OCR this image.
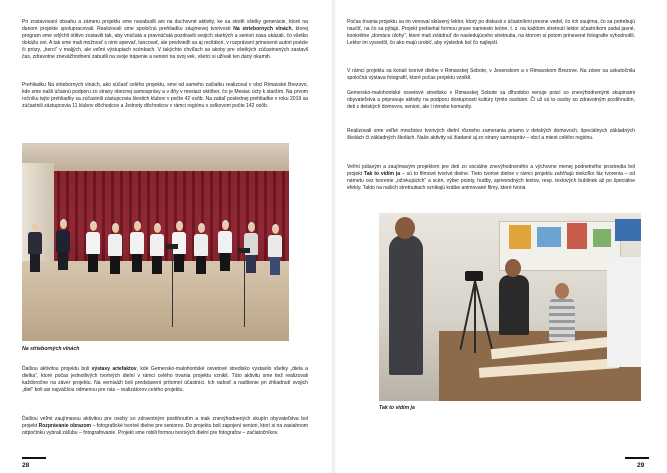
Pri zostavovaní obsahu a zámeru projektu sme nezabudli ani na duchovné aktivity, ke sa stretli všetky generácie, ktoré na danom projekte spolupracovali. Realizovali sme spoločnú prehliadku záujmovej tvorivosti Na striebornych vlnách, ktorej program sme vdýchli otitivo zostavili tak, aby vnúčatá a pravnúčatá pozdravili svojich starkých a seniori zasa ukázali, čo všetko dokážu oni. A tak sme mali možnosť s nimi spievať, tancovať, ale predviedli sa aj recitátori, v rozprávaní prinesené autori poézie či prózy, „herci“ v maljých, ale veľmi výstupiach scénkach. V takýchto chvíľach sa akoby pre všetkých zúčastnených zastavil čas, zdravotne zneväčhodnení zabudli na svoje trápenie a seniori na svoj vek, všetci si užívali ten daný okamih.

Prehliadku Na striebornych vlnách, ako súčasť celého projektu, sme od samého začiatku realizoval v obci Rimavské Brezovo, kde sme našli účasnú podporu zo strany obecnej samosprávy a v dňy v mesiaci október, čo je Mesiac úcty k starším. Na prvom ročníku tejto prehliadky sa zúčastnili zástupcovia šiestich klubov v počte 42 osôb. Na zatiaľ poslednej prehliadke v roku 2019 sa zúčastnili zástupcovia 11 klubov dôchodcov a Jednoty dôchodcov v rámci regiónu v celkovom počte 142 osôb.

Na strieborných vlnách

Ďalšou aktivitou projektu boli výstavy artefaktov, kde Gemersko-malohontské osvetové stredisko vystavilo všetky „diela a dielka“, ktoré počas jednotlivých tvorivých dielní v rámci celého trvania projektu vznikli. Túto aktivitu sme tiež realizovali každoročne na záver projektu. Na vernisáži boli predstavení prítomní účastníci. Ich radosť a nadšenie pri zhliadnutí svojich „diel“ boli asi najväčšou odmenou pre nás – realizátorov celého projektu.

Ďalšou veľmi zaujímavou aktivitou pre osoby so zdravotným postihnutím a inak znevýhodnených skupín obyvateľstva bol projekt Rozprávanie obrazom – fotografické tvorivé dielne pre seniorov. Do projektu boli zapojení seniori, ktorí si na zasiahnom odpočinku vybrali záľubu – fotografovanie. Projekt sme robili formou tvorivých dielní pre fotografov – začiatočníkov.

28

Počas trvania projektu sa im venoval skúsený lektor, ktorý po diskusii s účastníkmi presne vedel, čo ich zaujíma, čo sa potrebujú naučiť, na čo sa pýtajú. Projekt prebiehal formou praxe namiesto teórie, t. z. na každom stretnutí lektor účastníkom zadal jasné, konkrétne „domáce úlohy“, ktoré mali zvládnuť do nasledujúceho stretnutia, na ktorom si potom prinesené fotografie vyhodnotili. Lektor im vysvetlil, čo ako majú urobiť, aby výsledok bol čo najlepší.

V rámci projektu sa konali tvorivé dielne v Rimavskej Sobote, v Jesenskom a v Rimavskom Brezove. Na záver sa uskutočnila spoločná výstava fotografií, ktoré počas projektu vznikli.

Gemersko-malohontské osvetové stredisko v Rimavskej Sobote sa dlhodobo venuje práci so znevýhodnenými skupinami obyvateľstva a pripravuje aktivity na podporu dostupnosti kultúry týmto osobám. Či už sú to osoby so zdravotným postihnutím, deti z detských domovov, seniori, ale i rómske komunity.

Realizovali sme veľké množstvo tvorivých dielní rôzneho zamerania priamo v detských domovoch, špeciálnych základných školách či základných školách. Naše aktivity sú žiadané aj zo strany samospráv – obcí a miest celého regiónu.

Veľmi pútavým a zaujímavým projektom pre deti zo sociálne znevýhodneného a výchovne menej podnetného prostredia bol projekt Tak to vidím ja – sú to filmové tvorivé dielne. Tieto tvorivé dielne v rámci projektu zahŕňajú niekoľko fáz tvorenia – od námetu cez tvorenie „ožívkujúcich“ a scén, výber pointy, hudby, sprievodných textov, resp. textových bublinek až po špeciálne efekty. Takto na našich stretnutiach vznikajú krátke animované filmy, ktoré tvoria

Tak to vidím ja

29
